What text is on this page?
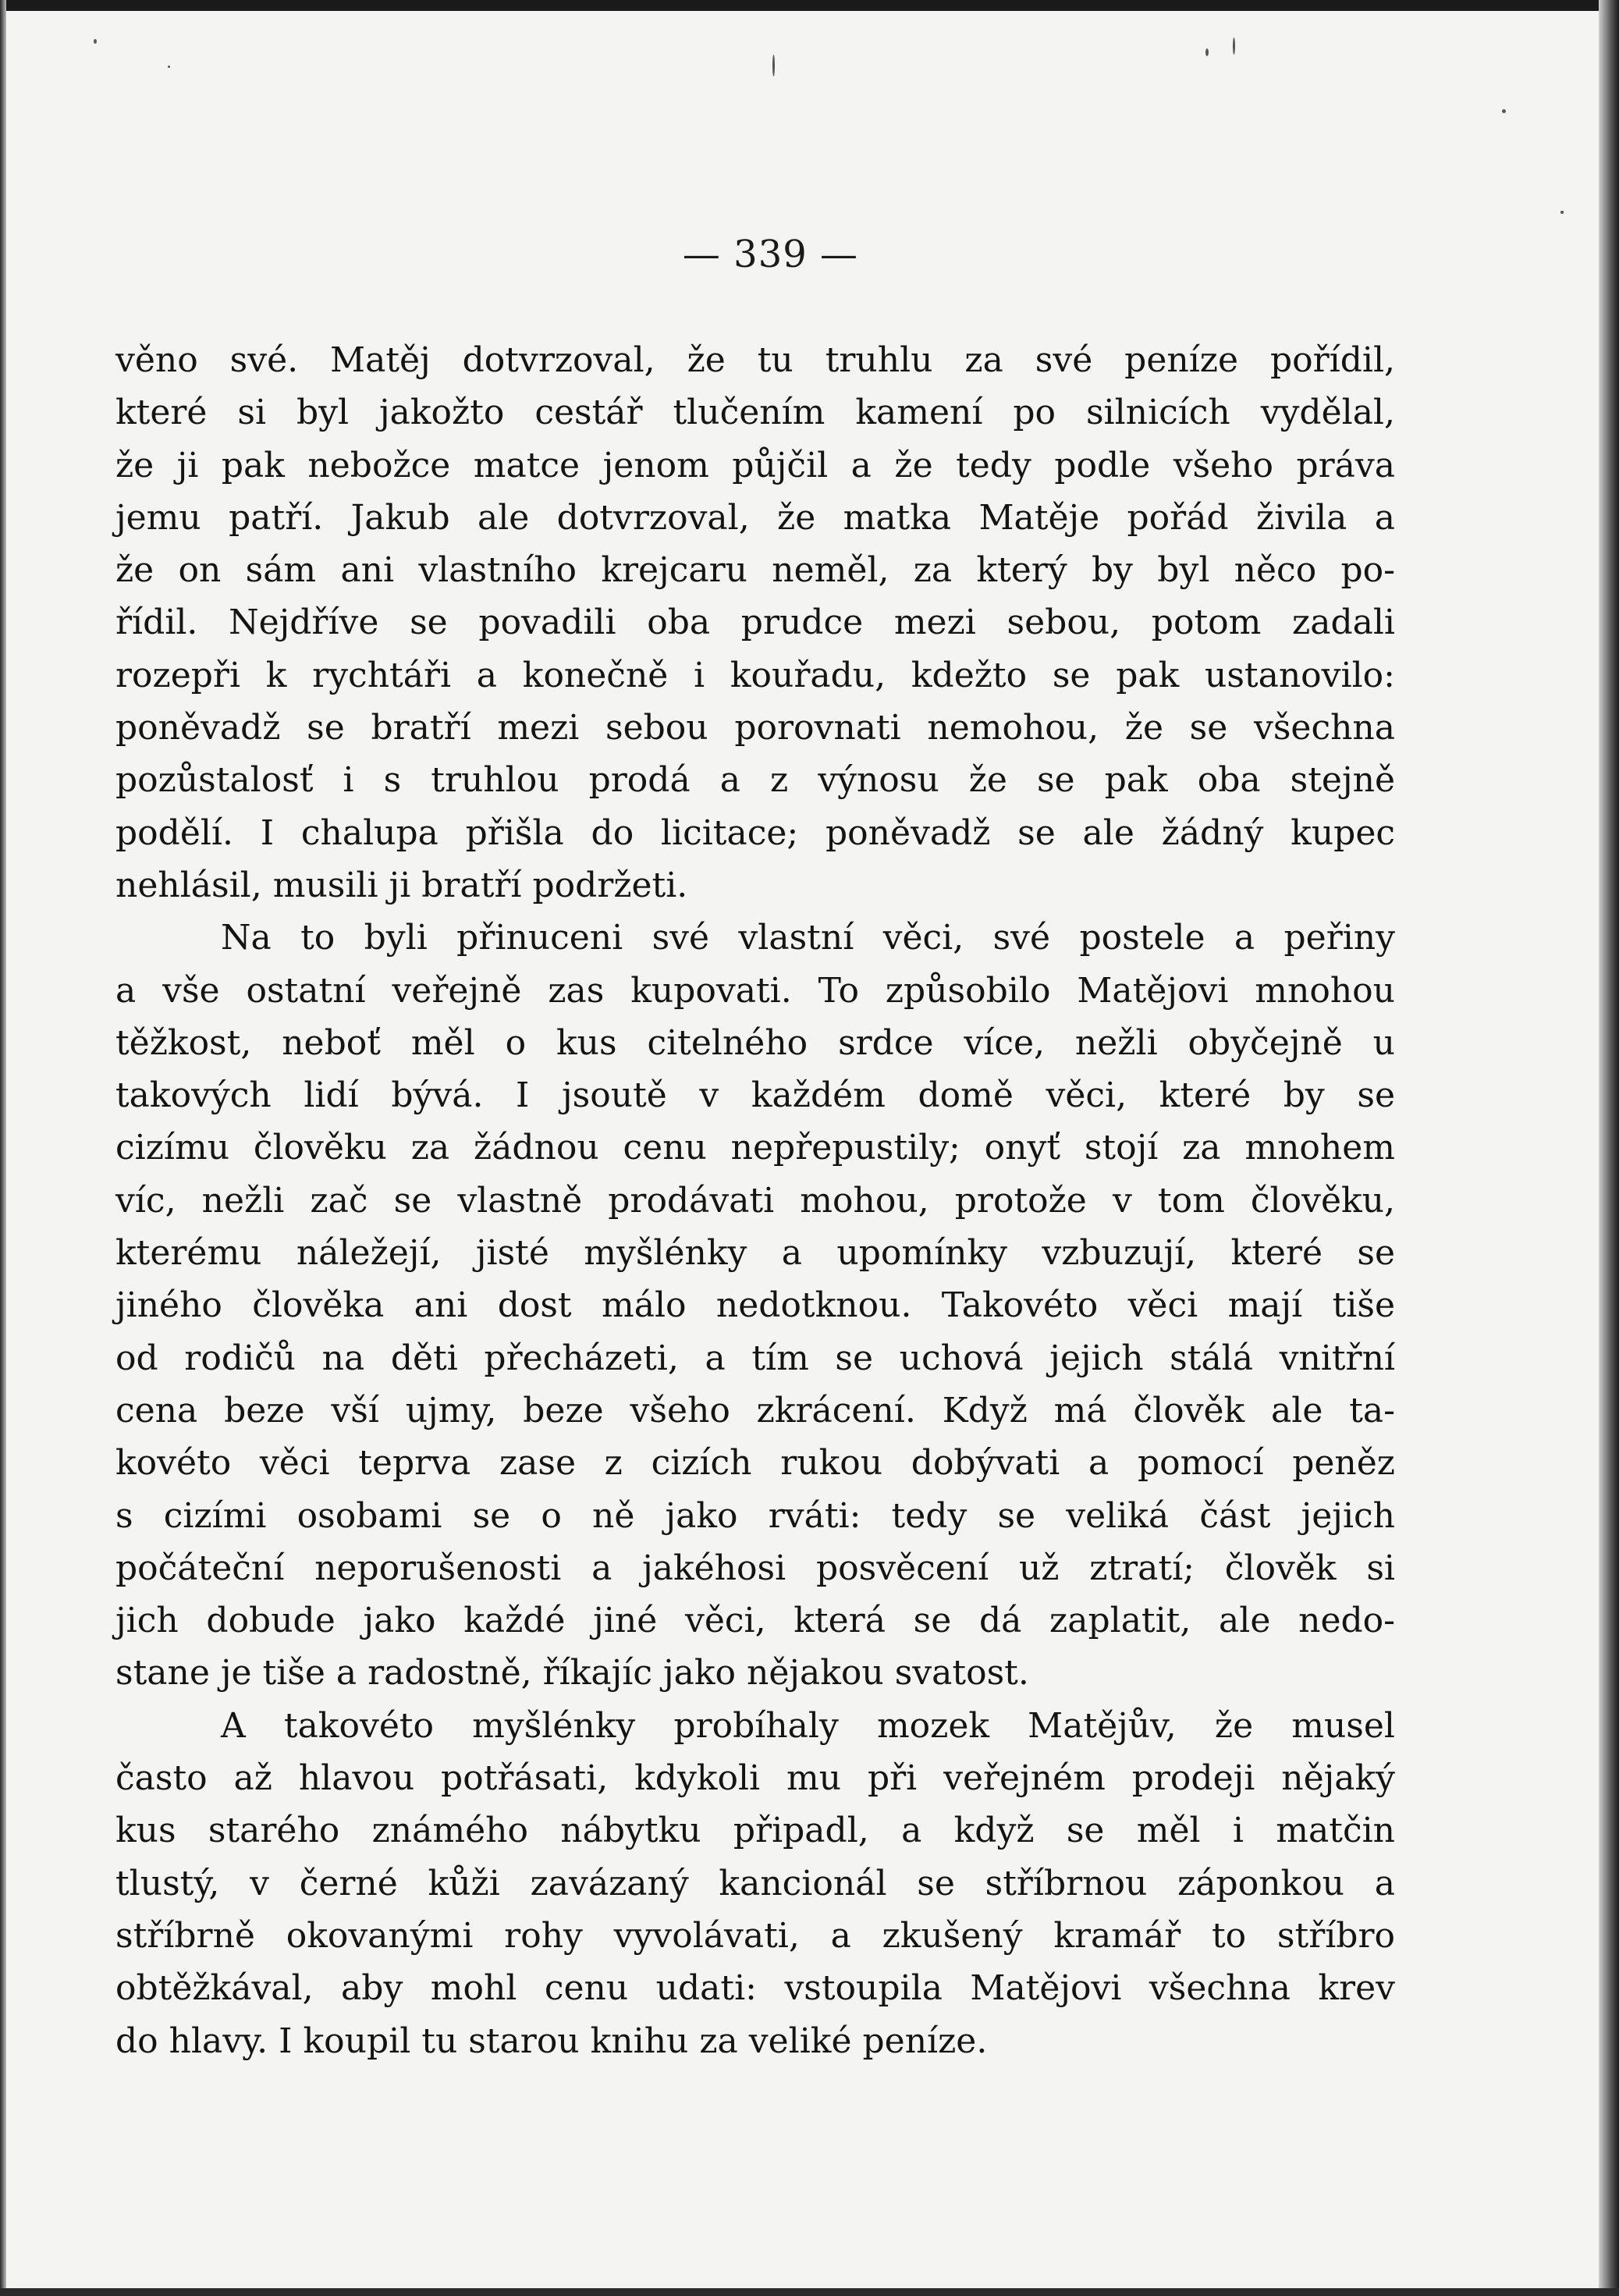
— 339 —
věno své. Matěj dotvrzoval, že tu truhlu za své peníze pořídil,
které si byl jakožto cestář tlučením kamení po silnicích vydělal,
že ji pak nebožce matce jenom půjčil a že tedy podle všeho práva
jemu patří. Jakub ale dotvrzoval, že matka Matěje pořád živila a
že on sám ani vlastního krejcaru neměl, za který by byl něco po-
řídil. Nejdříve se povadili oba prudce mezi sebou, potom zadali
rozepři k rychtáři a konečně i kouřadu, kdežto se pak ustanovilo:
poněvadž se bratří mezi sebou porovnati nemohou, že se všechna
pozůstalosť i s truhlou prodá a z výnosu že se pak oba stejně
podělí. I chalupa přišla do licitace; poněvadž se ale žádný kupec
nehlásil, musili ji bratří podržeti.
Na to byli přinuceni své vlastní věci, své postele a peřiny
a vše ostatní veřejně zas kupovati. To způsobilo Matějovi mnohou
těžkost, neboť měl o kus citelného srdce více, nežli obyčejně u
takových lidí bývá. I jsoutě v každém domě věci, které by se
cizímu člověku za žádnou cenu nepřepustily; onyť stojí za mnohem
víc, nežli zač se vlastně prodávati mohou, protože v tom člověku,
kterému náležejí, jisté myšlénky a upomínky vzbuzují, které se
jiného člověka ani dost málo nedotknou. Takovéto věci mají tiše
od rodičů na děti přecházeti, a tím se uchová jejich stálá vnitřní
cena beze vší ujmy, beze všeho zkrácení. Když má člověk ale ta-
kovéto věci teprva zase z cizích rukou dobývati a pomocí peněz
s cizími osobami se o ně jako rváti: tedy se veliká část jejich
počáteční neporušenosti a jakéhosi posvěcení už ztratí; člověk si
jich dobude jako každé jiné věci, která se dá zaplatit, ale nedo-
stane je tiše a radostně, říkajíc jako nějakou svatost.
A takovéto myšlénky probíhaly mozek Matějův, že musel
často až hlavou potřásati, kdykoli mu při veřejném prodeji nějaký
kus starého známého nábytku připadl, a když se měl i matčin
tlustý, v černé kůži zavázaný kancionál se stříbrnou záponkou a
stříbrně okovanými rohy vyvolávati, a zkušený kramář to stříbro
obtěžkával, aby mohl cenu udati: vstoupila Matějovi všechna krev
do hlavy. I koupil tu starou knihu za veliké peníze.
